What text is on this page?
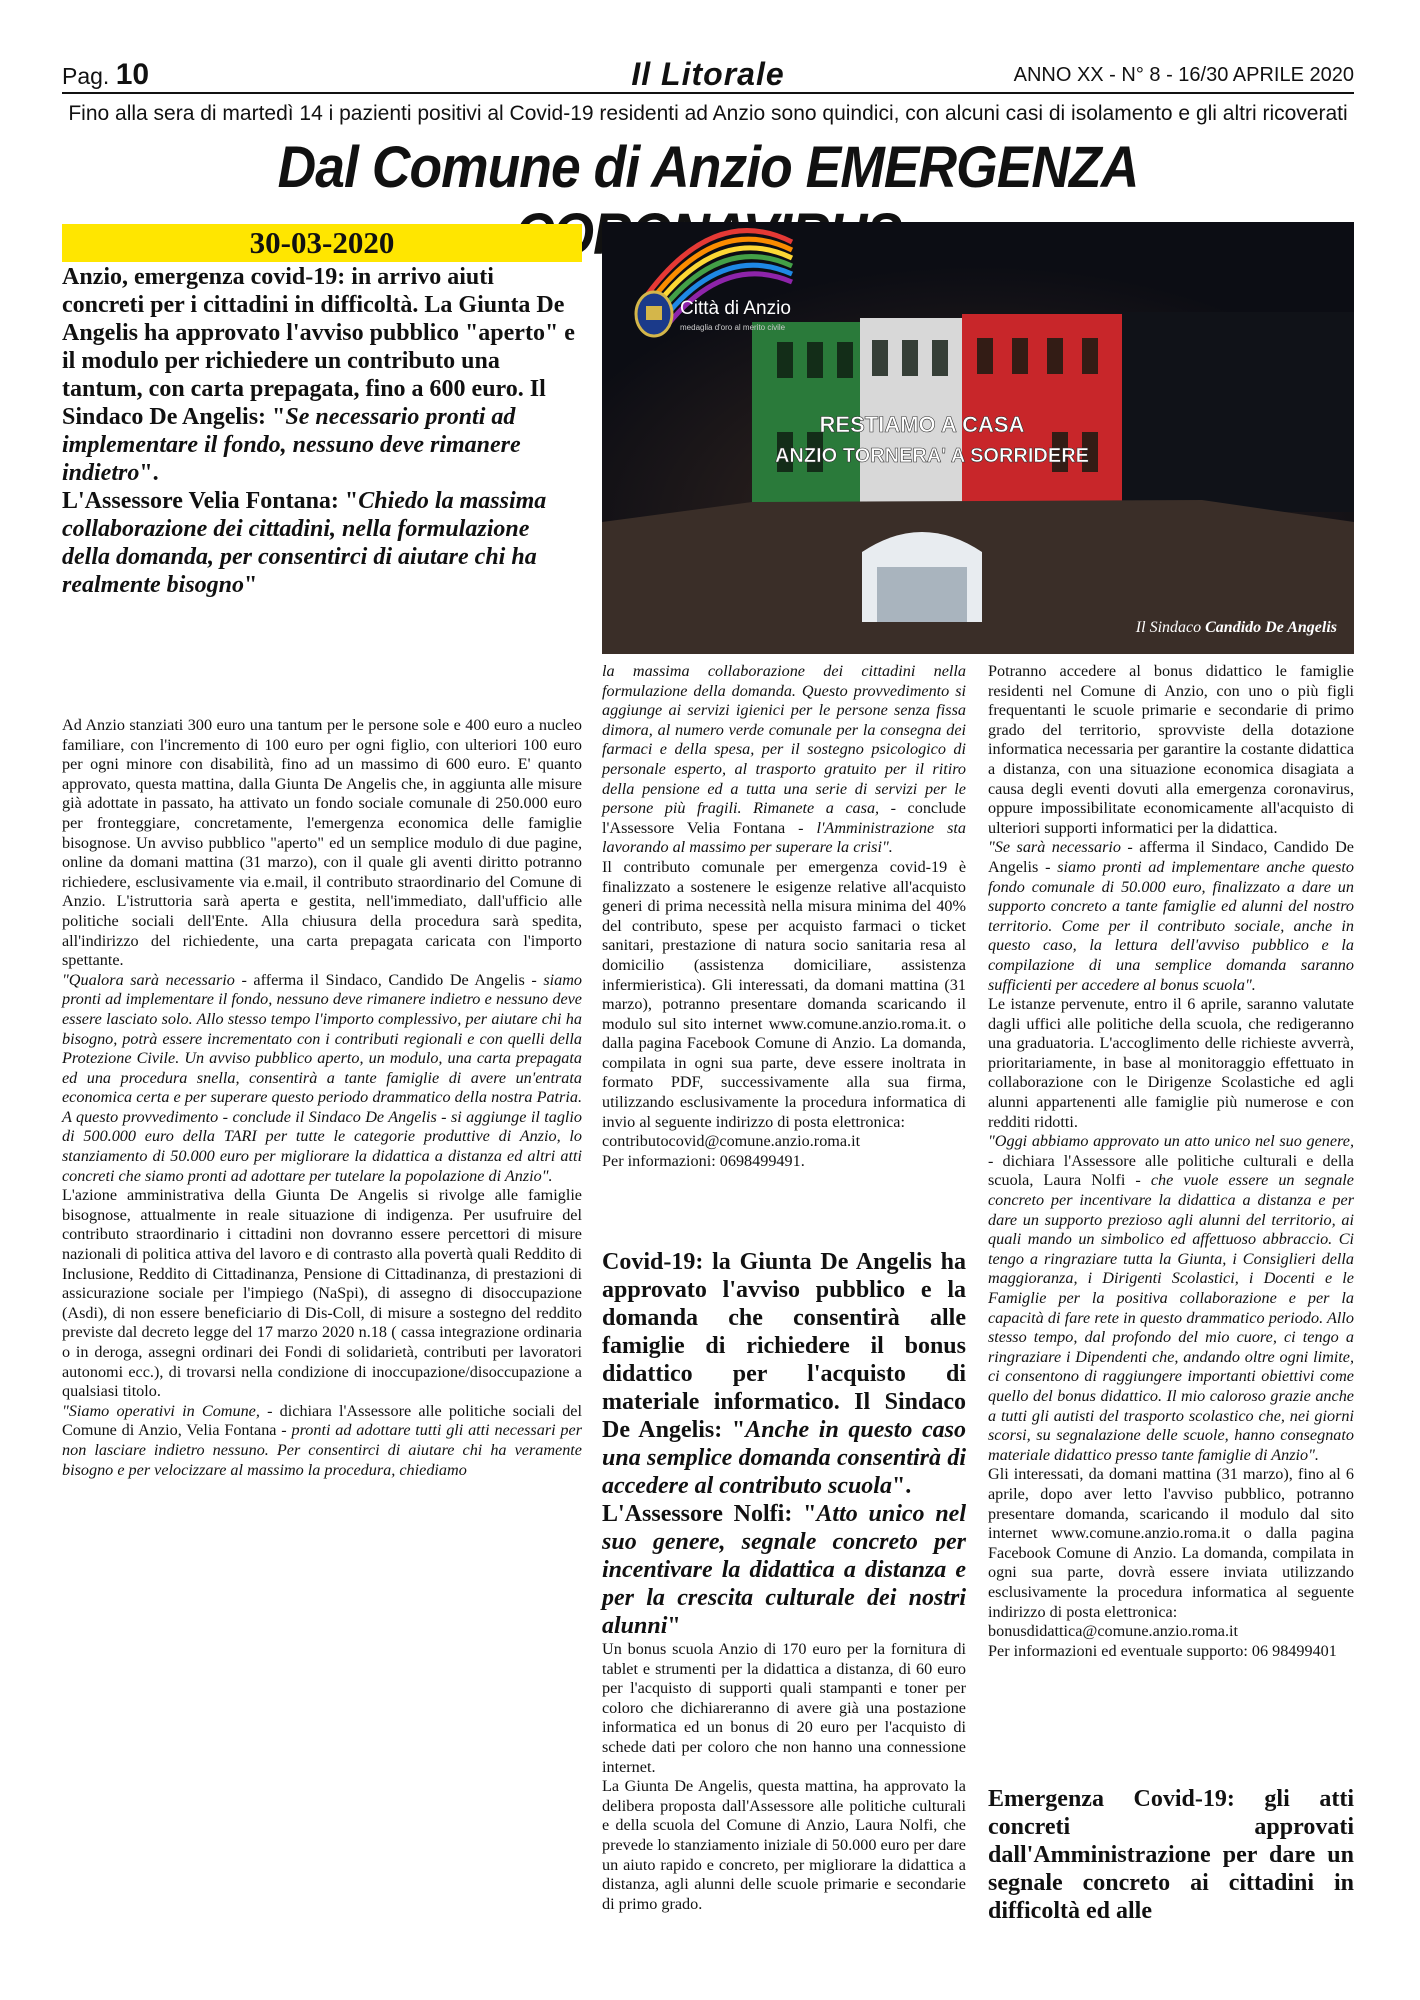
Pag. 10	Il Litorale	ANNO XX - N° 8 - 16/30 APRILE 2020
Fino alla sera di martedì 14 i pazienti positivi al Covid-19 residenti ad Anzio sono quindici, con alcuni casi di isolamento e gli altri ricoverati
Dal Comune di Anzio EMERGENZA
30-03-2020
Anzio, emergenza covid-19: in arrivo aiuti concreti per i cittadini in difficoltà. La Giunta De Angelis ha approvato l'avviso pubblico "aperto" e il modulo per richiedere un contributo una tantum, con carta prepagata, fino a 600 euro. Il Sindaco De Angelis: "Se necessario pronti ad implementare il fondo, nessuno deve rimanere indietro".
L'Assessore Velia Fontana: "Chiedo la massima collaborazione dei cittadini, nella formulazione della domanda, per consentirci di aiutare chi ha realmente bisogno"
Città di Anzio
medaglia d'oro al merito civile
RESTIAMO A CASA
ANZIO TORNERA' A SORRIDERE
Il Sindaco Candido De Angelis

Ad Anzio stanziati 300 euro una tantum per le persone sole e 400 euro a nucleo familiare, con l'incremento di 100 euro per ogni figlio, con ulteriori 100 euro per ogni minore con disabilità, fino ad un massimo di 600 euro. E' quanto approvato, questa mattina, dalla Giunta De Angelis che, in aggiunta alle misure già adottate in passato, ha attivato un fondo sociale comunale di 250.000 euro per fronteggiare, concretamente, l'emergenza economica delle famiglie bisognose. Un avviso pubblico "aperto" ed un semplice modulo di due pagine, online da domani mattina (31 marzo), con il quale gli aventi diritto potranno richiedere, esclusivamente via e.mail, il contributo straordinario del Comune di Anzio. L'istruttoria sarà aperta e gestita, nell'immediato, dall'ufficio alle politiche sociali dell'Ente. Alla chiusura della procedura sarà spedita, all'indirizzo del richiedente, una carta prepagata caricata con l'importo spettante.

"Qualora sarà necessario - afferma il Sindaco, Candido De Angelis - siamo pronti ad implementare il fondo, nessuno deve rimanere indietro e nessuno deve essere lasciato solo. Allo stesso tempo l'importo complessivo, per aiutare chi ha bisogno, potrà essere incrementato con i contributi regionali e con quelli della Protezione Civile. Un avviso pubblico aperto, un modulo, una carta prepagata ed una procedura snella, consentirà a tante famiglie di avere un'entrata economica certa e per superare questo periodo drammatico della nostra Patria. A questo provvedimento - conclude il Sindaco De Angelis - si aggiunge il taglio di 500.000 euro della TARI per tutte le categorie produttive di Anzio, lo stanziamento di 50.000 euro per migliorare la didattica a distanza ed altri atti concreti che siamo pronti ad adottare per tutelare la popolazione di Anzio".

L'azione amministrativa della Giunta De Angelis si rivolge alle famiglie bisognose, attualmente in reale situazione di indigenza. Per usufruire del contributo straordinario i cittadini non dovranno essere percettori di misure nazionali di politica attiva del lavoro e di contrasto alla povertà quali Reddito di Inclusione, Reddito di Cittadinanza, Pensione di Cittadinanza, di prestazioni di assicurazione sociale per l'impiego (NaSpi), di assegno di disoccupazione (Asdi), di non essere beneficiario di Dis-Coll, di misure a sostegno del reddito previste dal decreto legge del 17 marzo 2020 n.18 ( cassa integrazione ordinaria o in deroga, assegni ordinari dei Fondi di solidarietà, contributi per lavoratori autonomi ecc.), di trovarsi nella condizione di inoccupazione/disoccupazione a qualsiasi titolo.

"Siamo operativi in Comune, - dichiara l'Assessore alle politiche sociali del Comune di Anzio, Velia Fontana - pronti ad adottare tutti gli atti necessari per non lasciare indietro nessuno. Per consentirci di aiutare chi ha veramente bisogno e per velocizzare al massimo la procedura, chiediamo

la massima collaborazione dei cittadini nella formulazione della domanda. Questo provvedimento si aggiunge ai servizi igienici per le persone senza fissa dimora, al numero verde comunale per la consegna dei farmaci e della spesa, per il sostegno psicologico di personale esperto, al trasporto gratuito per il ritiro della pensione ed a tutta una serie di servizi per le persone più fragili. Rimanete a casa, - conclude l'Assessore Velia Fontana - l'Amministrazione sta lavorando al massimo per superare la crisi".

Il contributo comunale per emergenza covid-19 è finalizzato a sostenere le esigenze relative all'acquisto generi di prima necessità nella misura minima del 40% del contributo, spese per acquisto farmaci o ticket sanitari, prestazione di natura socio sanitaria resa al domicilio (assistenza domiciliare, assistenza infermieristica). Gli interessati, da domani mattina (31 marzo), potranno presentare domanda scaricando il modulo sul sito internet www.comune.anzio.roma.it. o dalla pagina Facebook Comune di Anzio. La domanda, compilata in ogni sua parte, deve essere inoltrata in formato PDF, successivamente alla sua firma, utilizzando esclusivamente la procedura informatica di invio al seguente indirizzo di posta elettronica:

contributocovid@comune.anzio.roma.it

Per informazioni: 0698499491.

Covid-19: la Giunta De Angelis ha approvato l'avviso pubblico e la domanda che consentirà alle famiglie di richiedere il bonus didattico per l'acquisto di materiale informatico. Il Sindaco De Angelis: "Anche in questo caso una semplice domanda consentirà di accedere al contributo scuola".
L'Assessore Nolfi: "Atto unico nel suo genere, segnale concreto per incentivare la didattica a distanza e per la crescita culturale dei nostri alunni"

Un bonus scuola Anzio di 170 euro per la fornitura di tablet e strumenti per la didattica a distanza, di 60 euro per l'acquisto di supporti quali stampanti e toner per coloro che dichiareranno di avere già una postazione informatica ed un bonus di 20 euro per l'acquisto di schede dati per coloro che non hanno una connessione internet.

La Giunta De Angelis, questa mattina, ha approvato la delibera proposta dall'Assessore alle politiche culturali e della scuola del Comune di Anzio, Laura Nolfi, che prevede lo stanziamento iniziale di 50.000 euro per dare un aiuto rapido e concreto, per migliorare la didattica a distanza, agli alunni delle scuole primarie e secondarie di primo grado.

Potranno accedere al bonus didattico le famiglie residenti nel Comune di Anzio, con uno o più figli frequentanti le scuole primarie e secondarie di primo grado del territorio, sprovviste della dotazione informatica necessaria per garantire la costante didattica a distanza, con una situazione economica disagiata a causa degli eventi dovuti alla emergenza coronavirus, oppure impossibilitate economicamente all'acquisto di ulteriori supporti informatici per la didattica.

"Se sarà necessario - afferma il Sindaco, Candido De Angelis - siamo pronti ad implementare anche questo fondo comunale di 50.000 euro, finalizzato a dare un supporto concreto a tante famiglie ed alunni del nostro territorio. Come per il contributo sociale, anche in questo caso, la lettura dell'avviso pubblico e la compilazione di una semplice domanda saranno sufficienti per accedere al bonus scuola".

Le istanze pervenute, entro il 6 aprile, saranno valutate dagli uffici alle politiche della scuola, che redigeranno una graduatoria. L'accoglimento delle richieste avverrà, prioritariamente, in base al monitoraggio effettuato in collaborazione con le Dirigenze Scolastiche ed agli alunni appartenenti alle famiglie più numerose e con redditi ridotti.

"Oggi abbiamo approvato un atto unico nel suo genere, - dichiara l'Assessore alle politiche culturali e della scuola, Laura Nolfi - che vuole essere un segnale concreto per incentivare la didattica a distanza e per dare un supporto prezioso agli alunni del territorio, ai quali mando un simbolico ed affettuoso abbraccio. Ci tengo a ringraziare tutta la Giunta, i Consiglieri della maggioranza, i Dirigenti Scolastici, i Docenti e le Famiglie per la positiva collaborazione e per la capacità di fare rete in questo drammatico periodo. Allo stesso tempo, dal profondo del mio cuore, ci tengo a ringraziare i Dipendenti che, andando oltre ogni limite, ci consentono di raggiungere importanti obiettivi come quello del bonus didattico. Il mio caloroso grazie anche a tutti gli autisti del trasporto scolastico che, nei giorni scorsi, su segnalazione delle scuole, hanno consegnato materiale didattico presso tante famiglie di Anzio".

Gli interessati, da domani mattina (31 marzo), fino al 6 aprile, dopo aver letto l'avviso pubblico, potranno presentare domanda, scaricando il modulo dal sito internet www.comune.anzio.roma.it o dalla pagina Facebook Comune di Anzio. La domanda, compilata in ogni sua parte, dovrà essere inviata utilizzando esclusivamente la procedura informatica al seguente indirizzo di posta elettronica:

bonusdidattica@comune.anzio.roma.it

Per informazioni ed eventuale supporto: 06 98499401

Emergenza Covid-19: gli atti concreti approvati dall'Amministrazione per dare un segnale concreto ai cittadini in difficoltà ed alle
